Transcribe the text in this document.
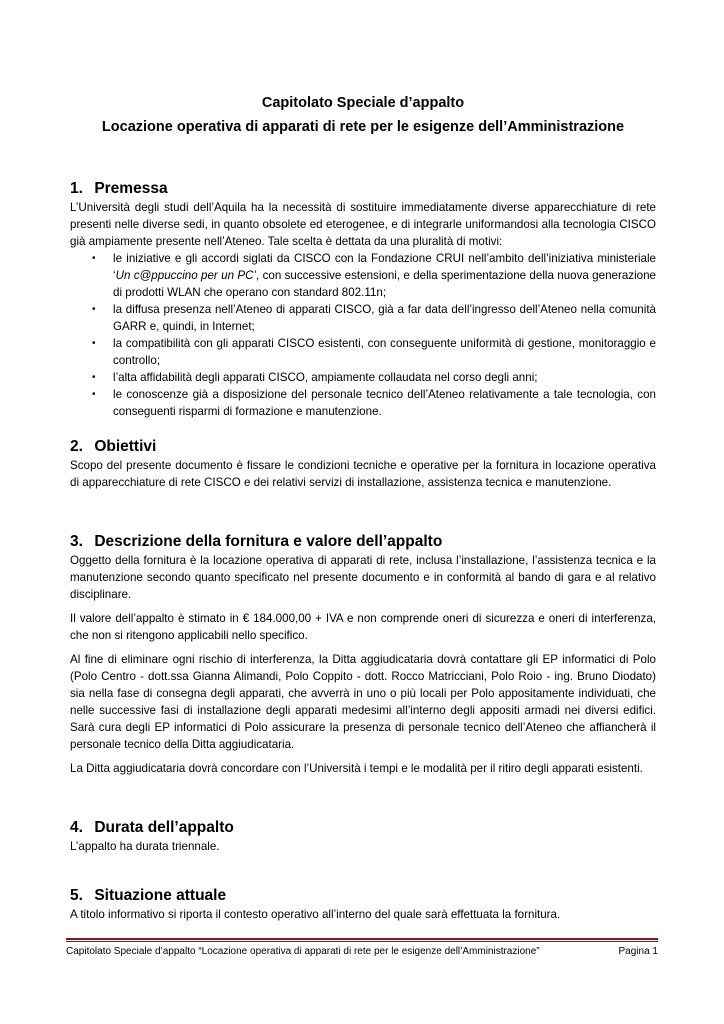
Capitolato Speciale d’appalto

Locazione operativa di apparati di rete per le esigenze dell’Amministrazione

1. Premessa

L’Università degli studi dell’Aquila ha la necessità di sostituire immediatamente diverse apparecchiature di rete presenti nelle diverse sedi, in quanto obsolete ed eterogenee, e di integrarle uniformandosi alla tecnologia CISCO già ampiamente presente nell’Ateneo. Tale scelta è dettata da una pluralità di motivi:

• le iniziative e gli accordi siglati da CISCO con la Fondazione CRUI nell’ambito dell’iniziativa ministeriale ‘Un c@ppuccino per un PC’, con successive estensioni, e della sperimentazione della nuova generazione di prodotti WLAN che operano con standard 802.11n;
• la diffusa presenza nell’Ateneo di apparati CISCO, già a far data dell’ingresso dell’Ateneo nella comunità GARR e, quindi, in Internet;
• la compatibilità con gli apparati CISCO esistenti, con conseguente uniformità di gestione, monitoraggio e controllo;
• l’alta affidabilità degli apparati CISCO, ampiamente collaudata nel corso degli anni;
• le conoscenze già a disposizione del personale tecnico dell’Ateneo relativamente a tale tecnologia, con conseguenti risparmi di formazione e manutenzione.
2. Obiettivi

Scopo del presente documento è fissare le condizioni tecniche e operative per la fornitura in locazione operativa di apparecchiature di rete CISCO e dei relativi servizi di installazione, assistenza tecnica e manutenzione.

3. Descrizione della fornitura e valore dell’appalto

Oggetto della fornitura è la locazione operativa di apparati di rete, inclusa l’installazione, l’assistenza tecnica e la manutenzione secondo quanto specificato nel presente documento e in conformità al bando di gara e al relativo disciplinare.

Il valore dell’appalto è stimato in € 184.000,00 + IVA e non comprende oneri di sicurezza e oneri di interferenza, che non si ritengono applicabili nello specifico.

Al fine di eliminare ogni rischio di interferenza, la Ditta aggiudicataria dovrà contattare gli EP informatici di Polo (Polo Centro - dott.ssa Gianna Alimandi, Polo Coppito - dott. Rocco Matricciani, Polo Roio - ing. Bruno Diodato) sia nella fase di consegna degli apparati, che avverrà in uno o più locali per Polo appositamente individuati, che nelle successive fasi di installazione degli apparati medesimi all’interno degli appositi armadi nei diversi edifici. Sarà cura degli EP informatici di Polo assicurare la presenza di personale tecnico dell’Ateneo che affiancherà il personale tecnico della Ditta aggiudicataria.

La Ditta aggiudicataria dovrà concordare con l’Università i tempi e le modalità per il ritiro degli apparati esistenti.

4. Durata dell’appalto

L’appalto ha durata triennale.

5. Situazione attuale

A titolo informativo si riporta il contesto operativo all’interno del quale sarà effettuata la fornitura.

Capitolato Speciale d’appalto “Locazione operativa di apparati di rete per le esigenze dell’Amministrazione”	Pagina 1
